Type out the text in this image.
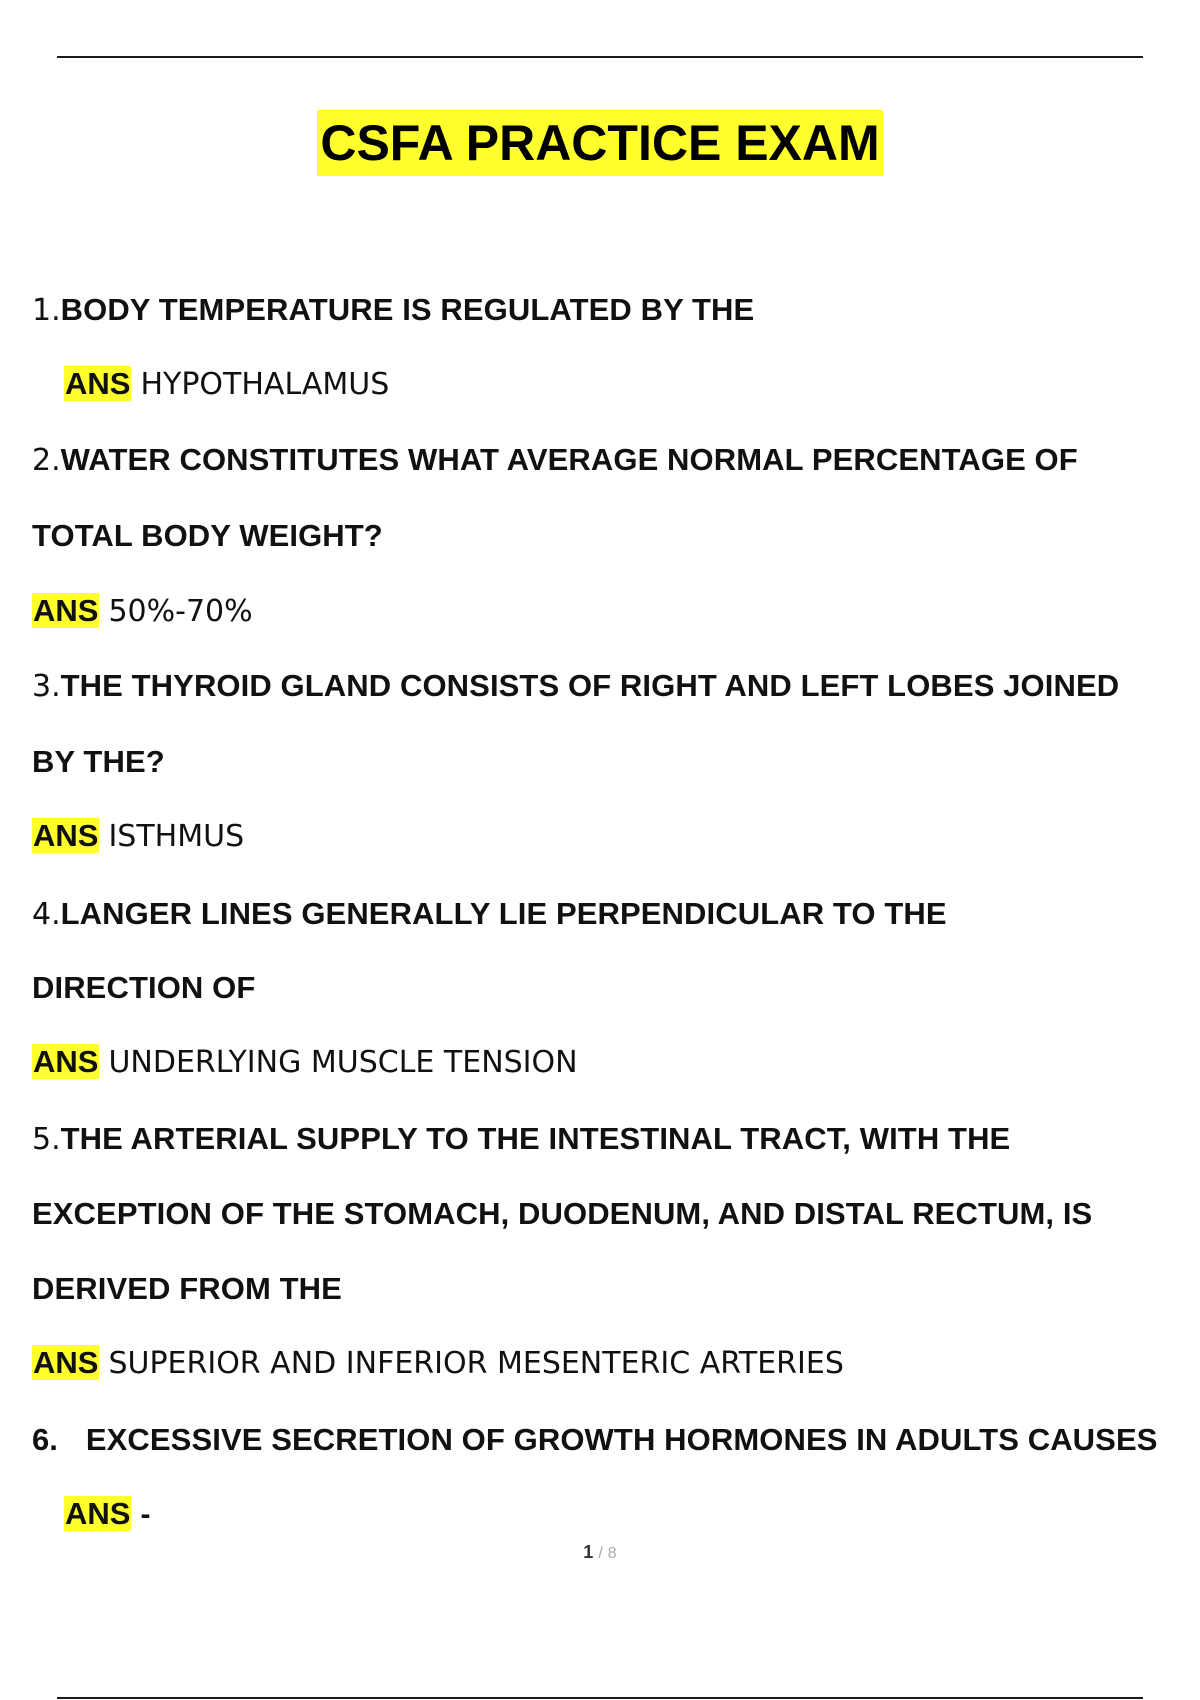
CSFA PRACTICE EXAM
1.BODY TEMPERATURE IS REGULATED BY THE
ANS HYPOTHALAMUS
2.WATER CONSTITUTES WHAT AVERAGE NORMAL PERCENTAGE OF
TOTAL BODY WEIGHT?
ANS 50%-70%
3.THE THYROID GLAND CONSISTS OF RIGHT AND LEFT LOBES JOINED
BY THE?
ANS ISTHMUS
4.LANGER LINES GENERALLY LIE PERPENDICULAR TO THE
DIRECTION OF
ANS UNDERLYING MUSCLE TENSION
5.THE ARTERIAL SUPPLY TO THE INTESTINAL TRACT, WITH THE
EXCEPTION OF THE STOMACH, DUODENUM, AND DISTAL RECTUM, IS
DERIVED FROM THE
ANS SUPERIOR AND INFERIOR MESENTERIC ARTERIES
6. EXCESSIVE SECRETION OF GROWTH HORMONES IN ADULTS CAUSES
ANS -
1 / 8
